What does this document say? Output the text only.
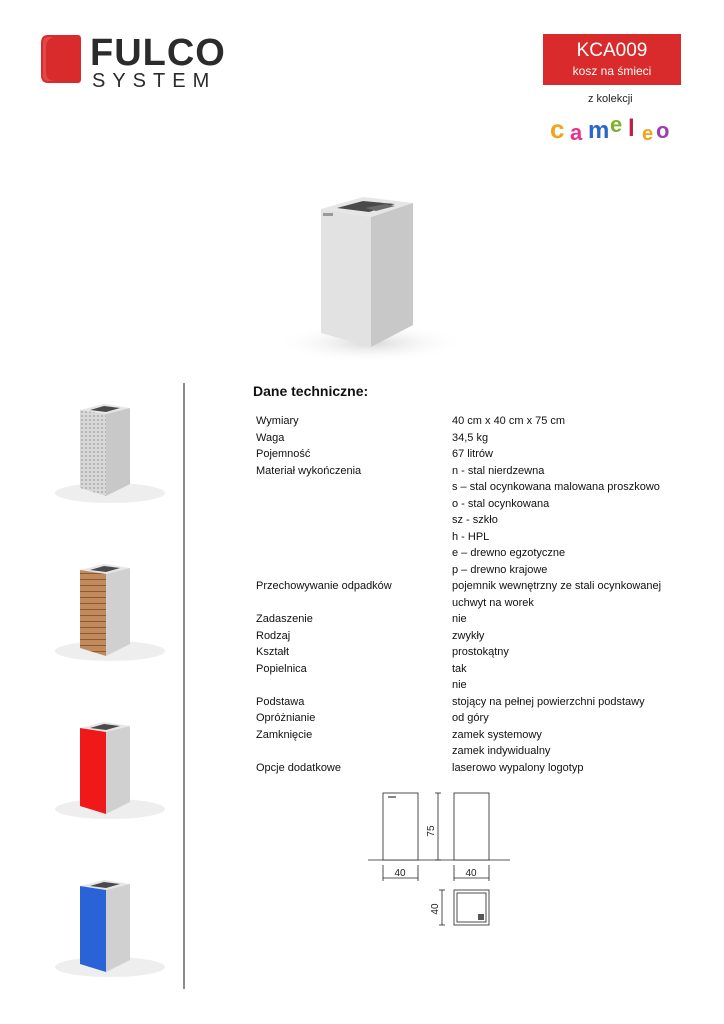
FULCO
SYSTEM
KCA009
kosz na śmieci
z kolekcji
c a m e l e o
Dane techniczne:
Wymiary	40 cm x 40 cm x 75 cm
Waga	34,5 kg
Pojemność	67 litrów
Materiał wykończenia	n - stal nierdzewna
	s – stal ocynkowana malowana proszkowo
	o - stal ocynkowana
	sz - szkło
	h - HPL
	e – drewno egzotyczne
	p – drewno krajowe
Przechowywanie odpadków	pojemnik wewnętrzny ze stali ocynkowanej
	uchwyt na worek
Zadaszenie	nie
Rodzaj	zwykły
Kształt	prostokątny
Popielnica	tak
	nie
Podstawa	stojący na pełnej powierzchni podstawy
Opróżnianie	od góry
Zamknięcie	zamek systemowy
	zamek indywidualny
Opcje dodatkowe	laserowo wypalony logotyp
75
40	40
40
